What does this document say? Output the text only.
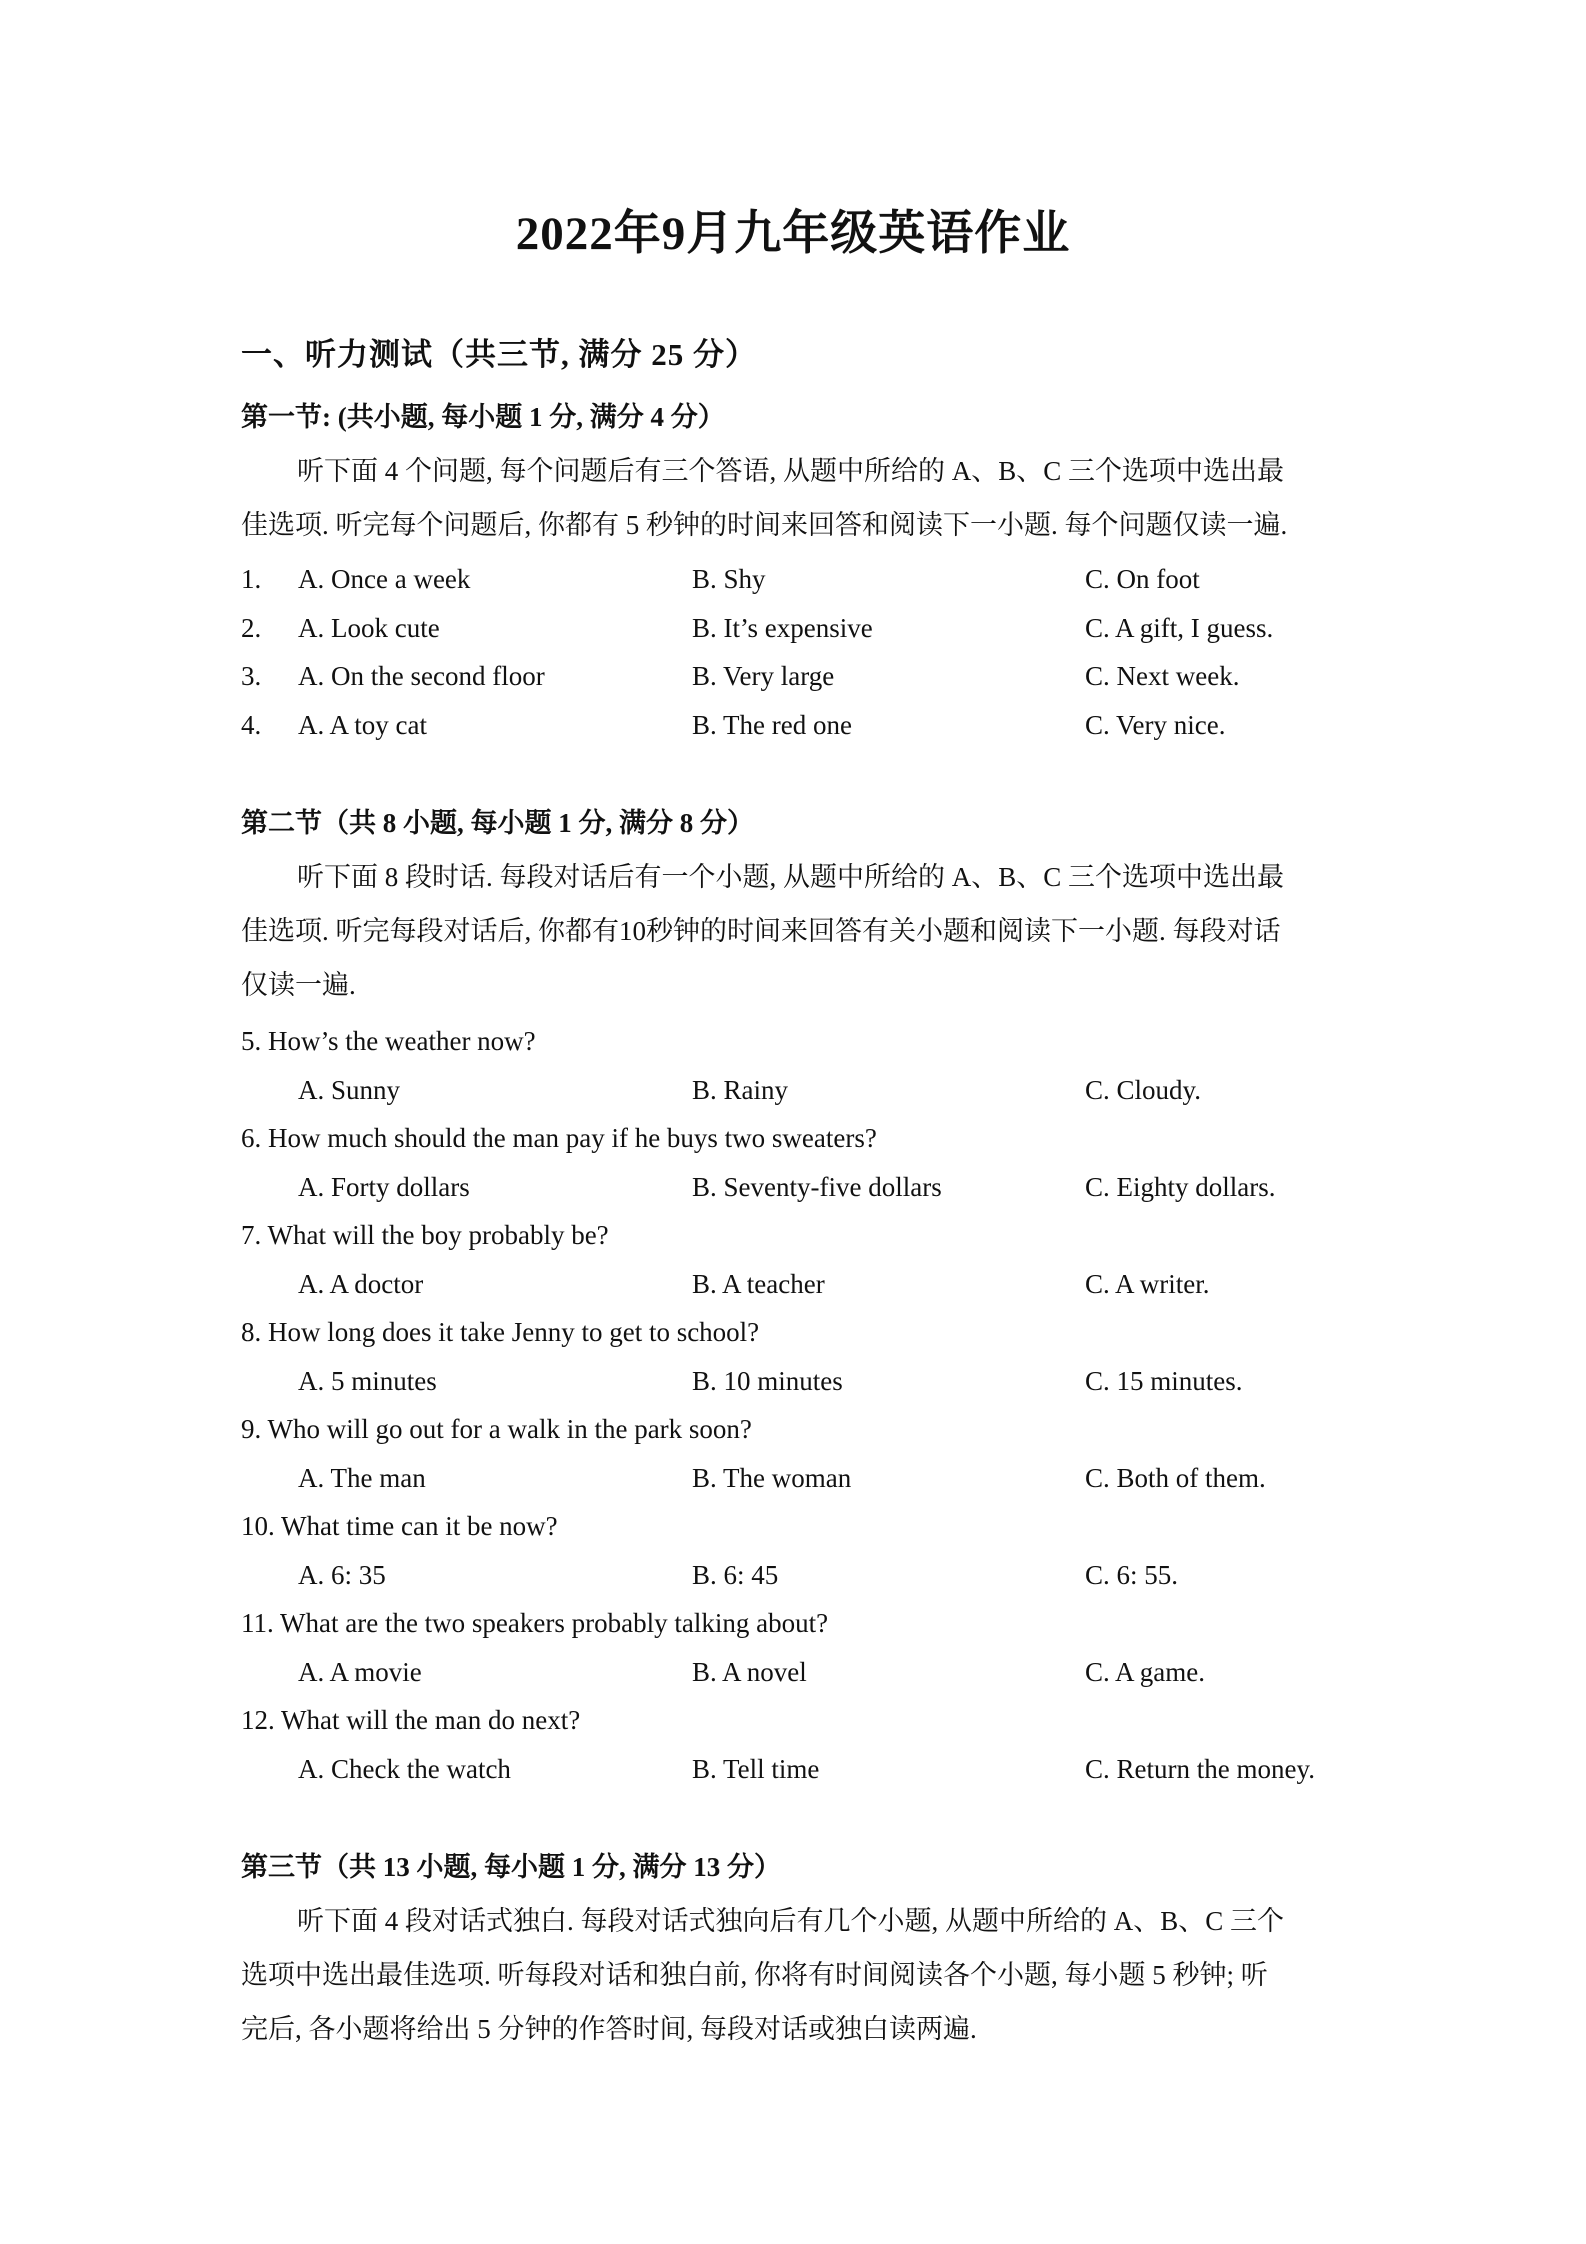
2022年9月九年级英语作业
一、听力测试（共三节, 满分 25 分）
第一节: (共小题, 每小题 1 分, 满分 4 分）
听下面 4 个问题, 每个问题后有三个答语, 从题中所给的 A、B、C 三个选项中选出最
佳选项. 听完每个问题后, 你都有 5 秒钟的时间来回答和阅读下一小题. 每个问题仅读一遍.
1. A. Once a week	B. Shy	C. On foot
2. A. Look cute	B. It’s expensive	C. A gift, I guess.
3. A. On the second floor	B. Very large	C. Next week.
4. A. A toy cat	B. The red one	C. Very nice.
第二节（共 8 小题, 每小题 1 分, 满分 8 分）
听下面 8 段时话. 每段对话后有一个小题, 从题中所给的 A、B、C 三个选项中选出最
佳选项. 听完每段对话后, 你都有10秒钟的时间来回答有关小题和阅读下一小题. 每段对话
仅读一遍.
5. How’s the weather now?
A. Sunny	B. Rainy	C. Cloudy.
6. How much should the man pay if he buys two sweaters?
A. Forty dollars	B. Seventy-five dollars	C. Eighty dollars.
7. What will the boy probably be?
A. A doctor	B. A teacher	C. A writer.
8. How long does it take Jenny to get to school?
A. 5 minutes	B. 10 minutes	C. 15 minutes.
9. Who will go out for a walk in the park soon?
A. The man	B. The woman	C. Both of them.
10. What time can it be now?
A. 6: 35	B. 6: 45	C. 6: 55.
11. What are the two speakers probably talking about?
A. A movie	B. A novel	C. A game.
12. What will the man do next?
A. Check the watch	B. Tell time	C. Return the money.
第三节（共 13 小题, 每小题 1 分, 满分 13 分）
听下面 4 段对话式独白. 每段对话式独向后有几个小题, 从题中所给的 A、B、C 三个
选项中选出最佳选项. 听每段对话和独白前, 你将有时间阅读各个小题, 每小题 5 秒钟; 听
完后, 各小题将给出 5 分钟的作答时间, 每段对话或独白读两遍.
